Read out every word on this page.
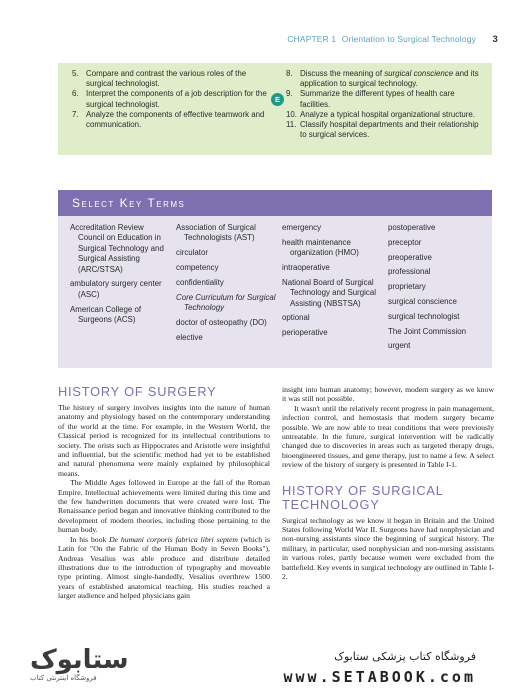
CHAPTER 1 Orientation to Surgical Technology 3
5. Compare and contrast the various roles of the surgical technologist.
6. Interpret the components of a job description for the surgical technologist.
7. Analyze the components of effective teamwork and communication.
8. Discuss the meaning of surgical conscience and its application to surgical technology.
9. Summarize the different types of health care facilities.
10. Analyze a typical hospital organizational structure.
11. Classify hospital departments and their relationship to surgical services.
E
Select Key Terms
Accreditation Review Council on Education in Surgical Technology and Surgical Assisting (ARC/STSA)
ambulatory surgery center (ASC)
American College of Surgeons (ACS)
Association of Surgical Technologists (AST)
circulator
competency
confidentiality
Core Curriculum for Surgical Technology
doctor of osteopathy (DO)
elective
emergency
health maintenance organization (HMO)
intraoperative
National Board of Surgical Technology and Surgical Assisting (NBSTSA)
optional
perioperative
postoperative
preceptor
preoperative
professional
proprietary
surgical conscience
surgical technologist
The Joint Commission
urgent
HISTORY OF SURGERY

The history of surgery involves insights into the nature of human anatomy and physiology based on the contemporary understanding of the world at the time. For example, in the Western World, the Classical period is recognized for its intellectual contributions to society. The orists such as Hippocrates and Aristotle were insightful and influential, but the scientific method had yet to be established and natural phenomena were mainly explained by philosophical means.

The Middle Ages followed in Europe at the fall of the Roman Empire. Intellectual achievements were limited during this time and the few handwritten documents that were created were lost. The Renaissance period began and innovative thinking contributed to the development of modern theories, including those pertaining to the human body.

In his book De humani corporis fabrica libri septem (which is Latin for "On the Fabric of the Human Body in Seven Books"), Andreas Vesalius was able produce and distribute detailed illustrations due to the introduction of typography and moveable type printing. Almost single-handedly, Vesalius overthrew 1500 years of established anatomical teaching. His studies reached a larger audience and helped physicians gain

insight into human anatomy; however, modern surgery as we know it was still not possible.

It wasn't until the relatively recent progress in pain management, infection control, and hemostasis that modern surgery became possible. We are now able to treat conditions that were previously untreatable. In the future, surgical intervention will be radically changed due to discoveries in areas such as targeted therapy drugs, bioengineered tissues, and gene therapy, just to name a few. A select review of the history of surgery is presented in Table I-1.

HISTORY OF SURGICAL TECHNOLOGY

Surgical technology as we know it began in Britain and the United States following World War II. Surgeons have had nonphysician and non-nursing assistants since the beginning of surgical history. The military, in particular, used nonphysician and non-nursing assistants in various roles, partly because women were excluded from the battlefield. Key events in surgical technology are outlined in Table I-2.

ستابوک
فروشگاه اینترنتی کتاب
فروشگاه کتاب پزشکی ستابوک
www.SETABOOK.com
